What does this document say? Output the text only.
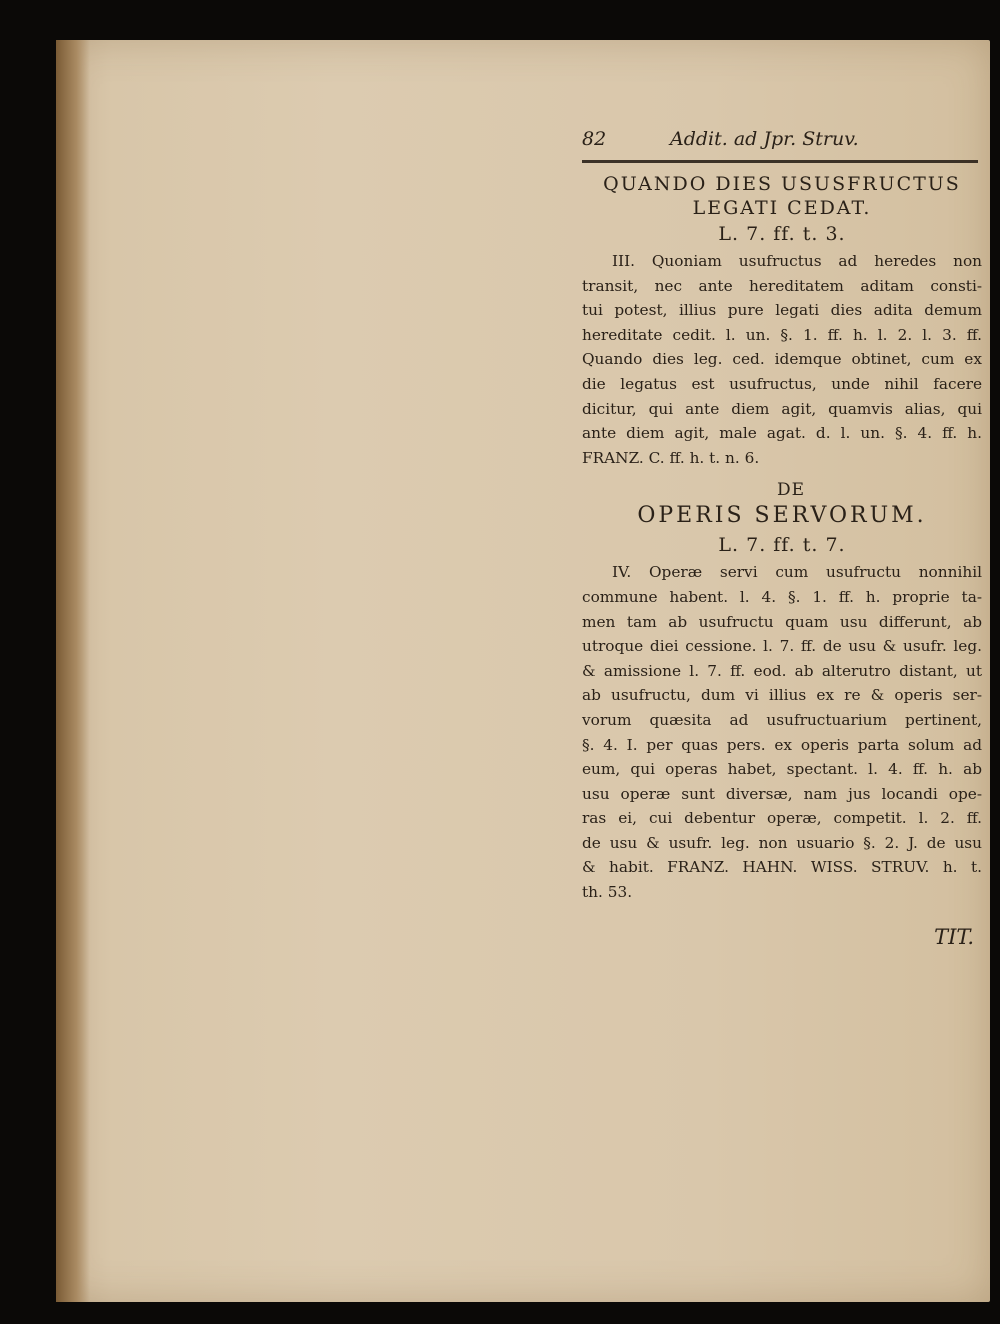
82	Addit. ad Jpr. Struv.
QUANDO DIES USUSFRUCTUS
LEGATI CEDAT.
L. 7. ff. t. 3.
III. Quoniam usufructus ad heredes non
transit, nec ante hereditatem aditam consti-
tui potest, illius pure legati dies adita demum
hereditate cedit. l. un. §. 1. ff. h. l. 2. l. 3. ff.
Quando dies leg. ced. idemque obtinet, cum ex
die legatus est usufructus, unde nihil facere
dicitur, qui ante diem agit, quamvis alias, qui
ante diem agit, male agat. d. l. un. §. 4. ff. h.
FRANZ. C. ff. h. t. n. 6.
DE
OPERIS SERVORUM.
L. 7. ff. t. 7.
IV. Operæ servi cum usufructu nonnihil
commune habent. l. 4. §. 1. ff. h. proprie ta-
men tam ab usufructu quam usu differunt, ab
utroque diei cessione. l. 7. ff. de usu & usufr. leg.
& amissione l. 7. ff. eod. ab alterutro distant, ut
ab usufructu, dum vi illius ex re & operis ser-
vorum quæsita ad usufructuarium pertinent,
§. 4. I. per quas pers. ex operis parta solum ad
eum, qui operas habet, spectant. l. 4. ff. h. ab
usu operæ sunt diversæ, nam jus locandi ope-
ras ei, cui debentur operæ, competit. l. 2. ff.
de usu & usufr. leg. non usuario §. 2. J. de usu
& habit. FRANZ. HAHN. WISS. STRUV. h. t.
th. 53.
TIT.
